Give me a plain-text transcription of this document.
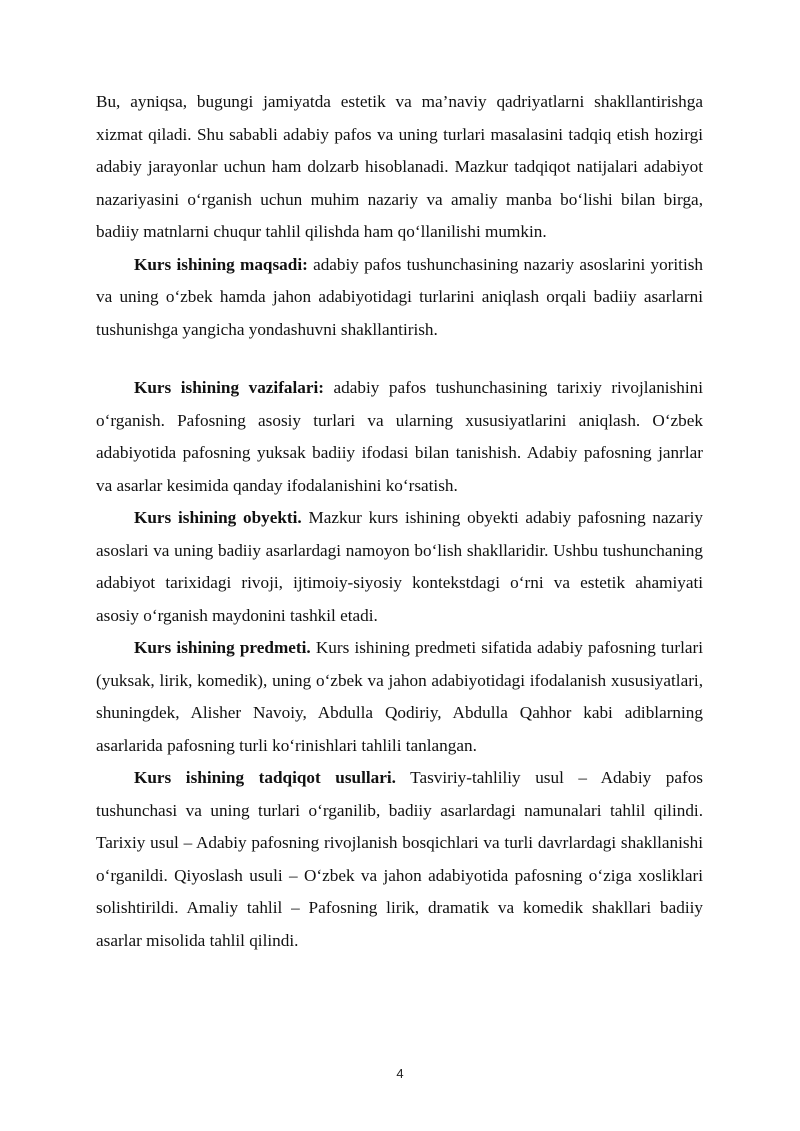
Bu, ayniqsa, bugungi jamiyatda estetik va ma’naviy qadriyatlarni shakllantirishga xizmat qiladi. Shu sababli adabiy pafos va uning turlari masalasini tadqiq etish hozirgi adabiy jarayonlar uchun ham dolzarb hisoblanadi. Mazkur tadqiqot natijalari adabiyot nazariyasini o‘rganish uchun muhim nazariy va amaliy manba bo‘lishi bilan birga, badiiy matnlarni chuqur tahlil qilishda ham qo‘llanilishi mumkin.

Kurs ishining maqsadi: adabiy pafos tushunchasining nazariy asoslarini yoritish va uning o‘zbek hamda jahon adabiyotidagi turlarini aniqlash orqali badiiy asarlarni tushunishga yangicha yondashuvni shakllantirish.

Kurs ishining vazifalari: adabiy pafos tushunchasining tarixiy rivojlanishini o‘rganish. Pafosning asosiy turlari va ularning xususiyatlarini aniqlash. O‘zbek adabiyotida pafosning yuksak badiiy ifodasi bilan tanishish. Adabiy pafosning janrlar va asarlar kesimida qanday ifodalanishini ko‘rsatish.

Kurs ishining obyekti. Mazkur kurs ishining obyekti adabiy pafosning nazariy asoslari va uning badiiy asarlardagi namoyon bo‘lish shakllaridir. Ushbu tushunchaning adabiyot tarixidagi rivoji, ijtimoiy-siyosiy kontekstdagi o‘rni va estetik ahamiyati asosiy o‘rganish maydonini tashkil etadi.

Kurs ishining predmeti. Kurs ishining predmeti sifatida adabiy pafosning turlari (yuksak, lirik, komedik), uning o‘zbek va jahon adabiyotidagi ifodalanish xususiyatlari, shuningdek, Alisher Navoiy, Abdulla Qodiriy, Abdulla Qahhor kabi adiblarning asarlarida pafosning turli ko‘rinishlari tahlili tanlangan.

Kurs ishining tadqiqot usullari. Tasviriy-tahliliy usul – Adabiy pafos tushunchasi va uning turlari o‘rganilib, badiiy asarlardagi namunalari tahlil qilindi. Tarixiy usul – Adabiy pafosning rivojlanish bosqichlari va turli davrlardagi shakllanishi o‘rganildi. Qiyoslash usuli – O‘zbek va jahon adabiyotida pafosning o‘ziga xosliklari solishtirildi. Amaliy tahlil – Pafosning lirik, dramatik va komedik shakllari badiiy asarlar misolida tahlil qilindi.

4
